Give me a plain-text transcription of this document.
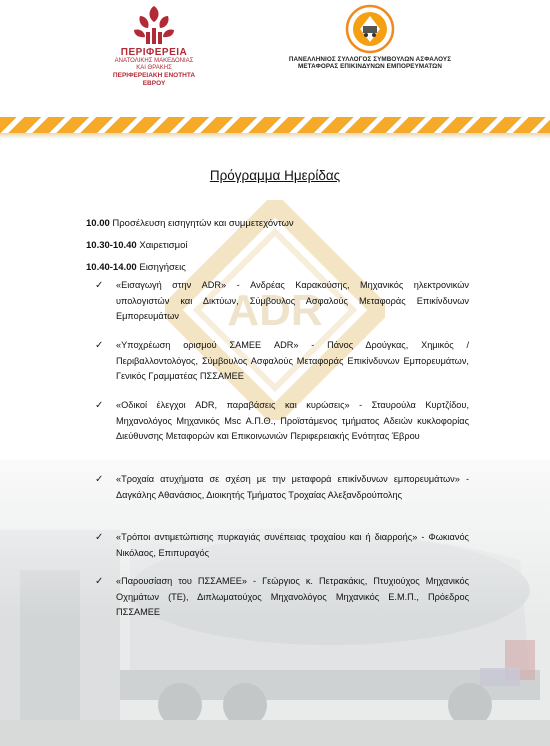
ADR
ΠΕΡΙΦΕΡΕΙΑ
ΑΝΑΤΟΛΙΚΗΣ ΜΑΚΕΔΟΝΙΑΣ ΚΑΙ ΘΡΑΚΗΣ
ΠΕΡΙΦΕΡΕΙΑΚΗ ΕΝΟΤΗΤΑ ΕΒΡΟΥ
ΠΑΝΕΛΛΗΝΙΟΣ ΣΥΛΛΟΓΟΣ ΣΥΜΒΟΥΛΩΝ ΑΣΦΑΛΟΥΣ
ΜΕΤΑΦΟΡΑΣ ΕΠΙΚΙΝΔΥΝΩΝ ΕΜΠΟΡΕΥΜΑΤΩΝ
Πρόγραμμα Ημερίδας
10.00 Προσέλευση εισηγητών και συμμετεχόντων
10.30-10.40 Χαιρετισμοί
10.40-14.00 Εισηγήσεις
✓ «Εισαγωγή στην ADR» - Ανδρέας Καρακούσης, Μηχανικός ηλεκτρονικών υπολογιστών και Δικτύων, Σύμβουλος Ασφαλούς Μεταφοράς Επικίνδυνων Εμπορευμάτων
✓ «Υποχρέωση ορισμού ΣΑΜΕΕ ADR» - Πάνος Δρούγκας, Χημικός / Περιβαλλοντολόγος, Σύμβουλος Ασφαλούς Μεταφοράς Επικίνδυνων Εμπορευμάτων, Γενικός Γραμματέας ΠΣΣΑΜΕΕ
✓ «Οδικοί έλεγχοι ADR, παραβάσεις και κυρώσεις» - Σταυρούλα Κυρτζίδου, Μηχανολόγος Μηχανικός Msc Α.Π.Θ., Προϊστάμενος τμήματος Αδειών κυκλοφορίας Διεύθυνσης Μεταφορών και Επικοινωνιών Περιφερειακής Ενότητας Έβρου
✓ «Τροχαία ατυχήματα σε σχέση με την μεταφορά επικίνδυνων εμπορευμάτων» - Δαγκάλης Αθανάσιος, Διοικητής Τμήματος Τροχαίας Αλεξανδρούπολης
✓ «Τρόποι αντιμετώπισης πυρκαγιάς συνέπειας τροχαίου και ή διαρροής» - Φωκιανός Νικόλαος, Επιπυραγός
✓ «Παρουσίαση του ΠΣΣΑΜΕΕ» - Γεώργιος κ. Πετρακάκις, Πτυχιούχος Μηχανικός Οχημάτων (ΤΕ), Διπλωματούχος Μηχανολόγος Μηχανικός Ε.Μ.Π., Πρόεδρος ΠΣΣΑΜΕΕ
